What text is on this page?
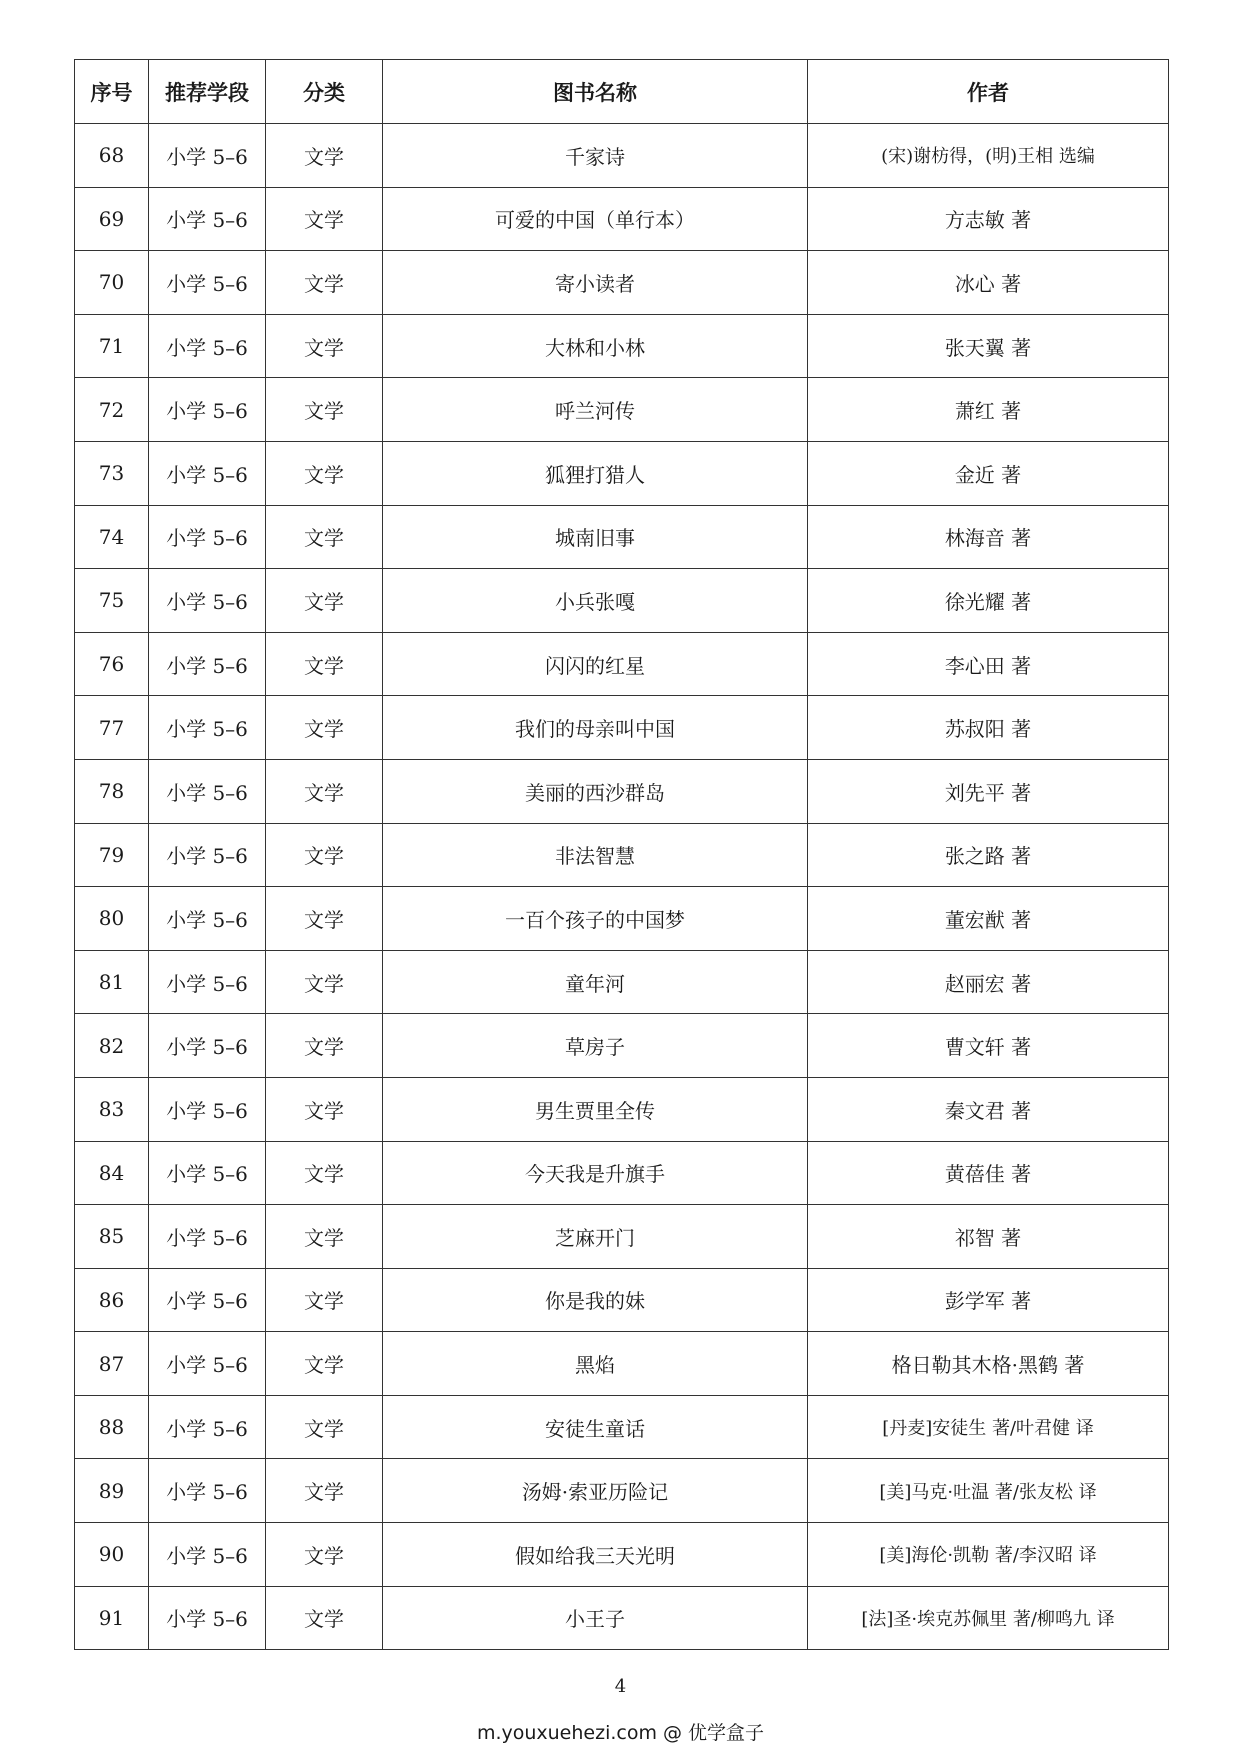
序号	推荐学段	分类	图书名称	作者
68	小学 5–6	文学	千家诗	(宋)谢枋得，(明)王相 选编
69	小学 5–6	文学	可爱的中国（单行本）	方志敏 著
70	小学 5–6	文学	寄小读者	冰心 著
71	小学 5–6	文学	大林和小林	张天翼 著
72	小学 5–6	文学	呼兰河传	萧红 著
73	小学 5–6	文学	狐狸打猎人	金近 著
74	小学 5–6	文学	城南旧事	林海音 著
75	小学 5–6	文学	小兵张嘎	徐光耀 著
76	小学 5–6	文学	闪闪的红星	李心田 著
77	小学 5–6	文学	我们的母亲叫中国	苏叔阳 著
78	小学 5–6	文学	美丽的西沙群岛	刘先平 著
79	小学 5–6	文学	非法智慧	张之路 著
80	小学 5–6	文学	一百个孩子的中国梦	董宏猷 著
81	小学 5–6	文学	童年河	赵丽宏 著
82	小学 5–6	文学	草房子	曹文轩 著
83	小学 5–6	文学	男生贾里全传	秦文君 著
84	小学 5–6	文学	今天我是升旗手	黄蓓佳 著
85	小学 5–6	文学	芝麻开门	祁智 著
86	小学 5–6	文学	你是我的妹	彭学军 著
87	小学 5–6	文学	黑焰	格日勒其木格·黑鹤 著
88	小学 5–6	文学	安徒生童话	[丹麦]安徒生 著/叶君健 译
89	小学 5–6	文学	汤姆·索亚历险记	[美]马克·吐温 著/张友松 译
90	小学 5–6	文学	假如给我三天光明	[美]海伦·凯勒 著/李汉昭 译
91	小学 5–6	文学	小王子	[法]圣·埃克苏佩里 著/柳鸣九 译
4
m.youxuehezi.com @ 优学盒子
